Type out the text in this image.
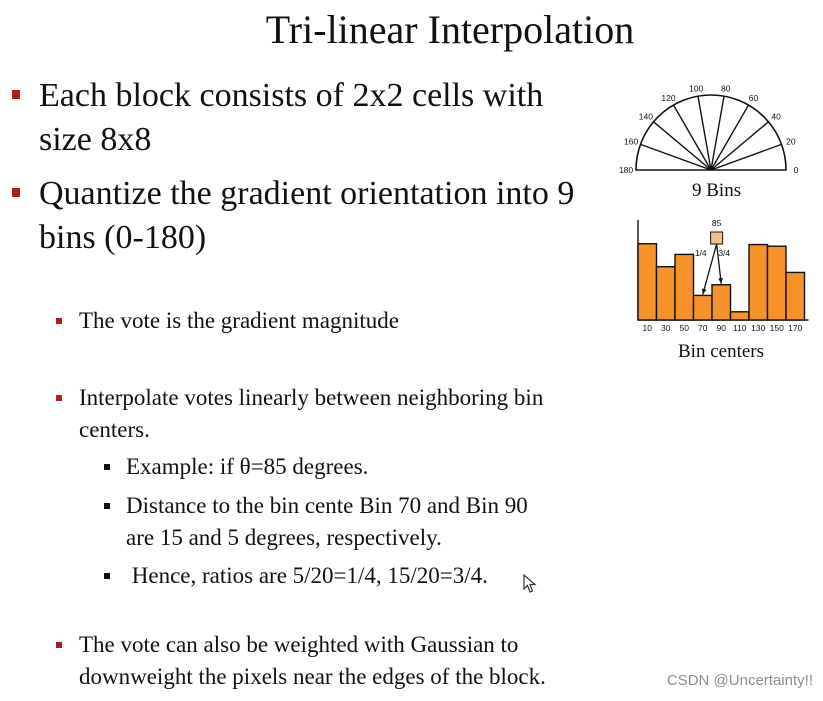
Tri-linear Interpolation
Each block consists of 2x2 cells with
size 8x8
Quantize the gradient orientation into 9
bins (0-180)
The vote is the gradient magnitude
Interpolate votes linearly between neighboring bin
centers.
The vote can also be weighted with Gaussian to
downweight the pixels near the edges of the block.
Example: if θ=85 degrees.
Distance to the bin cente Bin 70 and Bin 90
are 15 and 5 degrees, respectively.
Hence, ratios are 5/20=1/4, 15/20=3/4.
0
20
40
60
80
100
120
140
160
180
10 30 50 70 90 110 130 150 170
85
1/4 3/4
9 Bins
Bin centers
CSDN @Uncertainty!!
